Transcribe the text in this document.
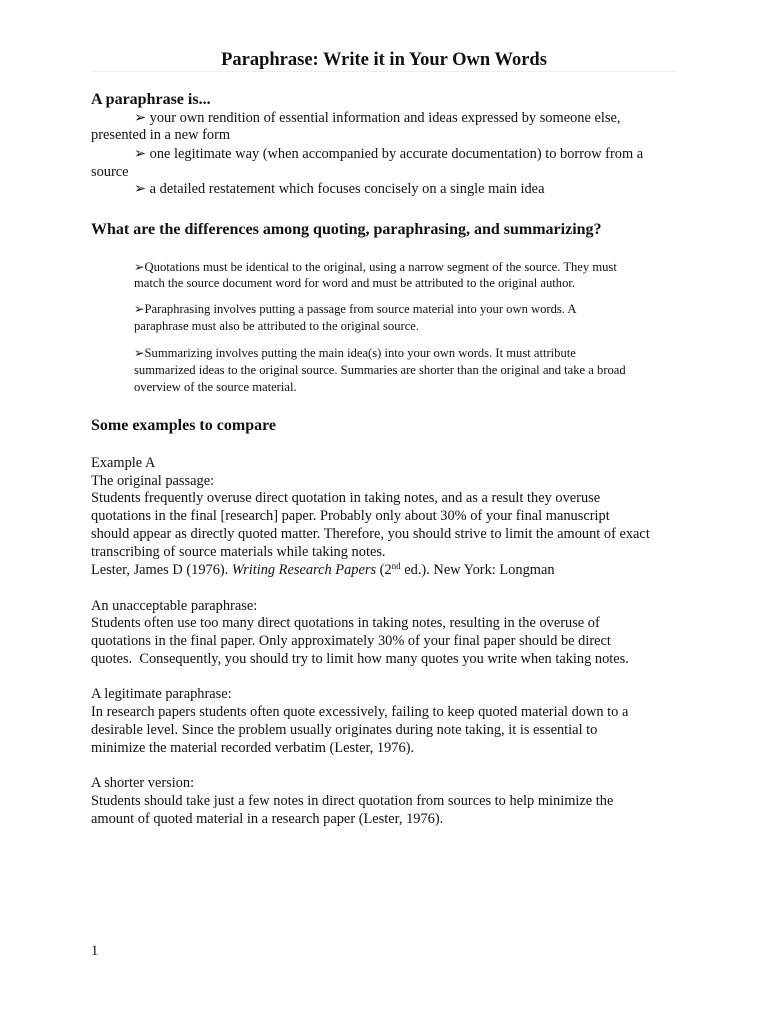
Paraphrase: Write it in Your Own Words
A paraphrase is...
➢ your own rendition of essential information and ideas expressed by someone else,
presented in a new form
➢ one legitimate way (when accompanied by accurate documentation) to borrow from a
source
➢ a detailed restatement which focuses concisely on a single main idea
What are the differences among quoting, paraphrasing, and summarizing?
➢Quotations must be identical to the original, using a narrow segment of the source. They must
match the source document word for word and must be attributed to the original author.
➢Paraphrasing involves putting a passage from source material into your own words. A
paraphrase must also be attributed to the original source.
➢Summarizing involves putting the main idea(s) into your own words. It must attribute
summarized ideas to the original source. Summaries are shorter than the original and take a broad
overview of the source material.
Some examples to compare
Example A
The original passage:
Students frequently overuse direct quotation in taking notes, and as a result they overuse
quotations in the final [research] paper. Probably only about 30% of your final manuscript
should appear as directly quoted matter. Therefore, you should strive to limit the amount of exact
transcribing of source materials while taking notes.
Lester, James D (1976). Writing Research Papers (2nd ed.). New York: Longman
An unacceptable paraphrase:
Students often use too many direct quotations in taking notes, resulting in the overuse of
quotations in the final paper. Only approximately 30% of your final paper should be direct
quotes.  Consequently, you should try to limit how many quotes you write when taking notes.
A legitimate paraphrase:
In research papers students often quote excessively, failing to keep quoted material down to a
desirable level. Since the problem usually originates during note taking, it is essential to
minimize the material recorded verbatim (Lester, 1976).
A shorter version:
Students should take just a few notes in direct quotation from sources to help minimize the
amount of quoted material in a research paper (Lester, 1976).
1
